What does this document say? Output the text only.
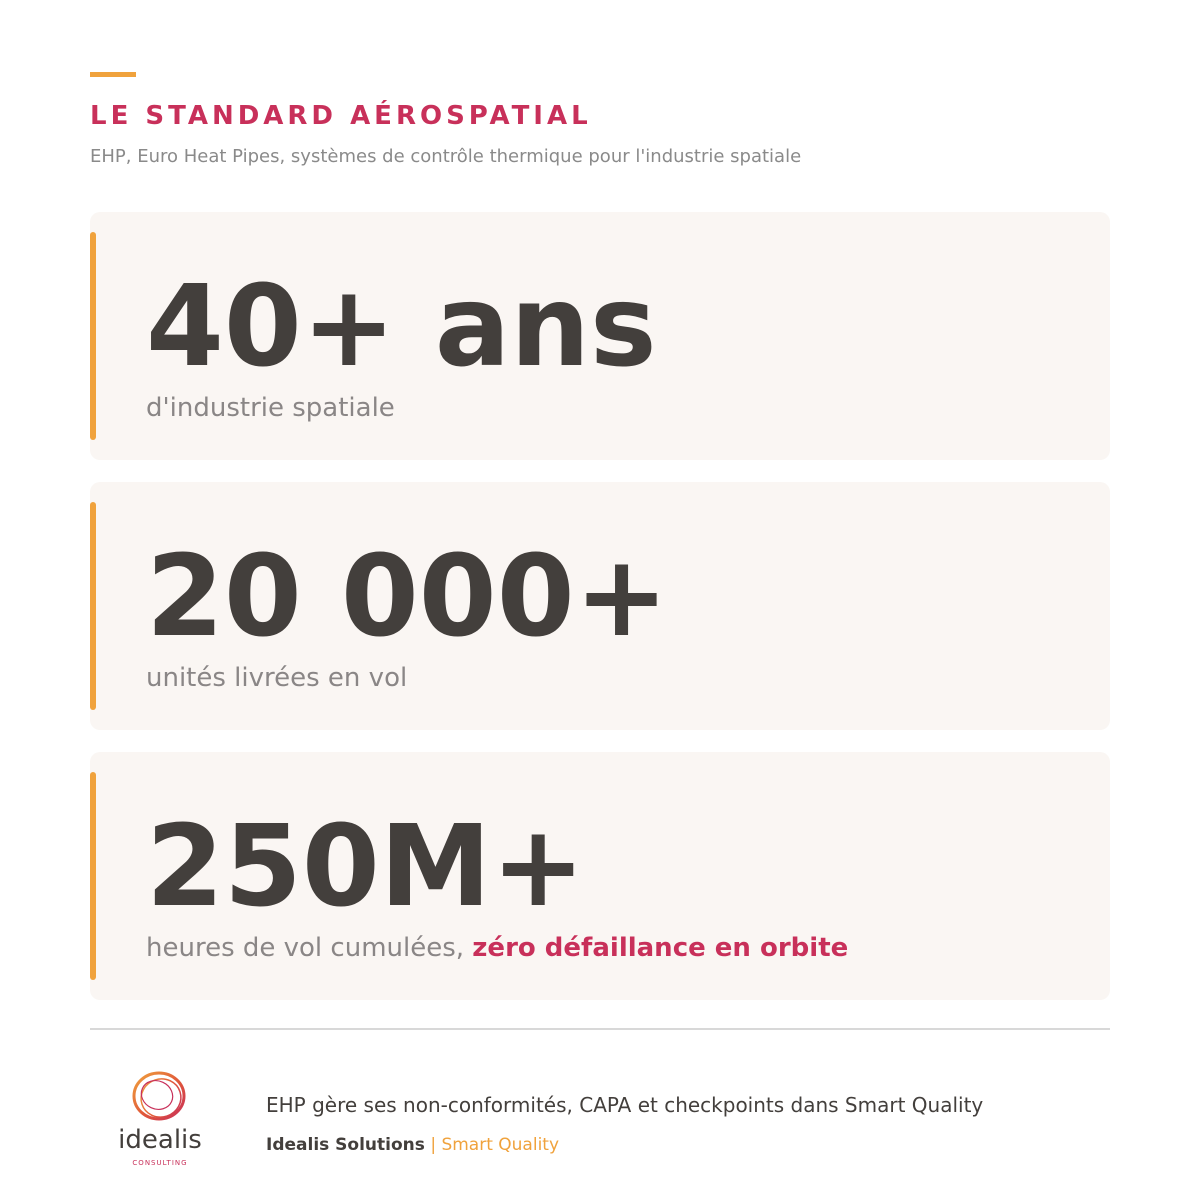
LE STANDARD AÉROSPATIAL

EHP, Euro Heat Pipes, systèmes de contrôle thermique pour l'industrie spatiale

40+ ans
d'industrie spatiale
20 000+
unités livrées en vol
250M+
heures de vol cumulées, zéro défaillance en orbite
idealis
CONSULTING

EHP gère ses non-conformités, CAPA et checkpoints dans Smart Quality

Idealis Solutions | Smart Quality
